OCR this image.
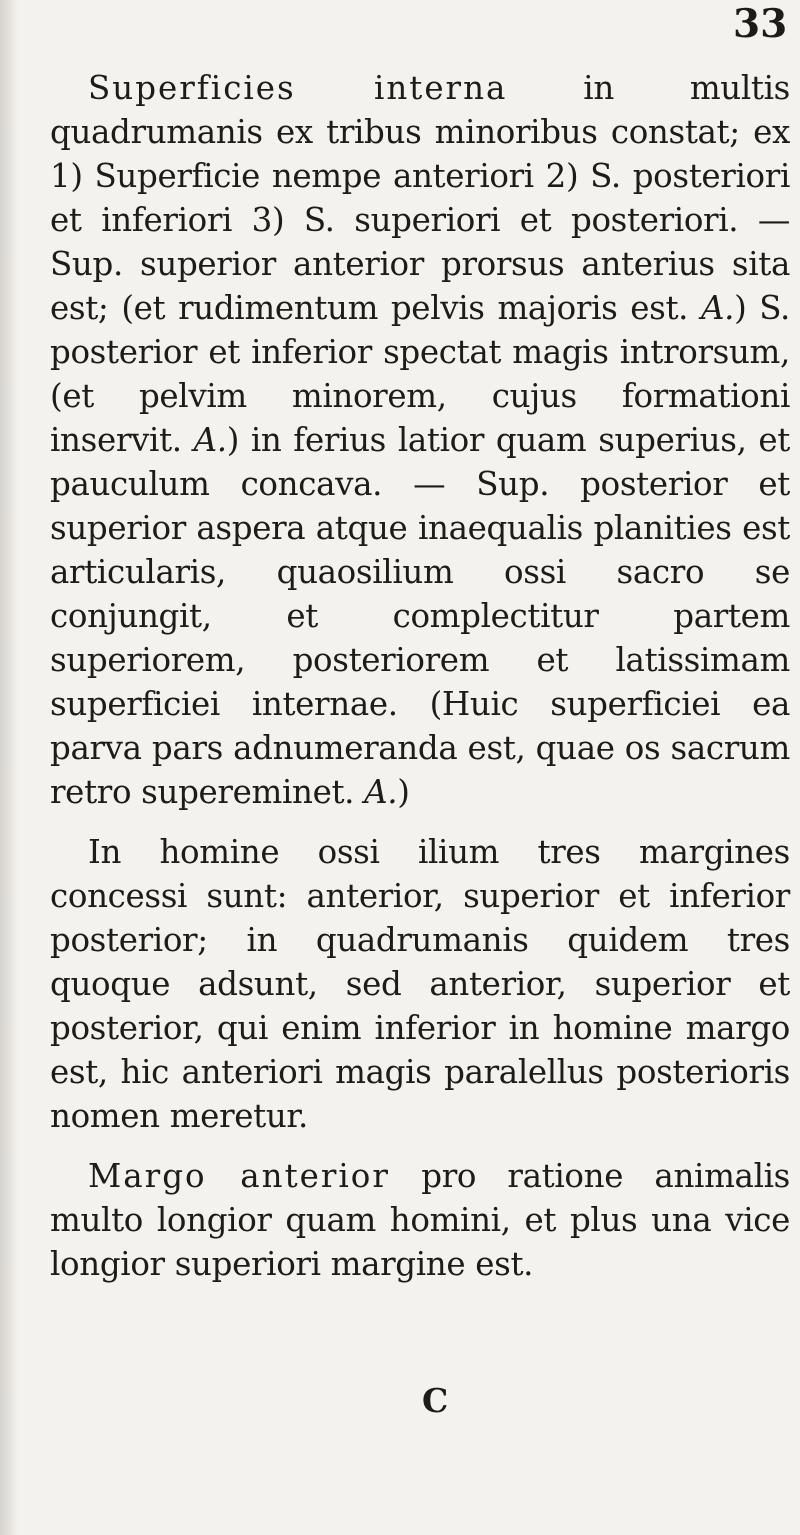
33

Superficies interna in multis quadrumanis ex tribus minoribus constat; ex 1) Superficie nempe anteriori 2) S. posteriori et inferiori 3) S. superiori et posteriori. — Sup. superior anterior prorsus anterius sita est; (et rudimentum pelvis majoris est. A.) S. posterior et inferior spectat magis introrsum, (et pelvim minorem, cujus formationi inservit. A.) in ferius latior quam superius, et pauculum concava. — Sup. posterior et superior aspera atque inaequalis planities est articularis, quaosilium ossi sacro se conjungit, et complectitur partem superiorem, posteriorem et latissimam superficiei internae. (Huic superficiei ea parva pars adnumeranda est, quae os sacrum retro supereminet. A.)

In homine ossi ilium tres margines concessi sunt: anterior, superior et inferior posterior; in quadrumanis quidem tres quoque adsunt, sed anterior, superior et posterior, qui enim inferior in homine margo est, hic anteriori magis paralellus posterioris nomen meretur.

Margo anterior pro ratione animalis multo longior quam homini, et plus una vice longior superiori margine est.

C
